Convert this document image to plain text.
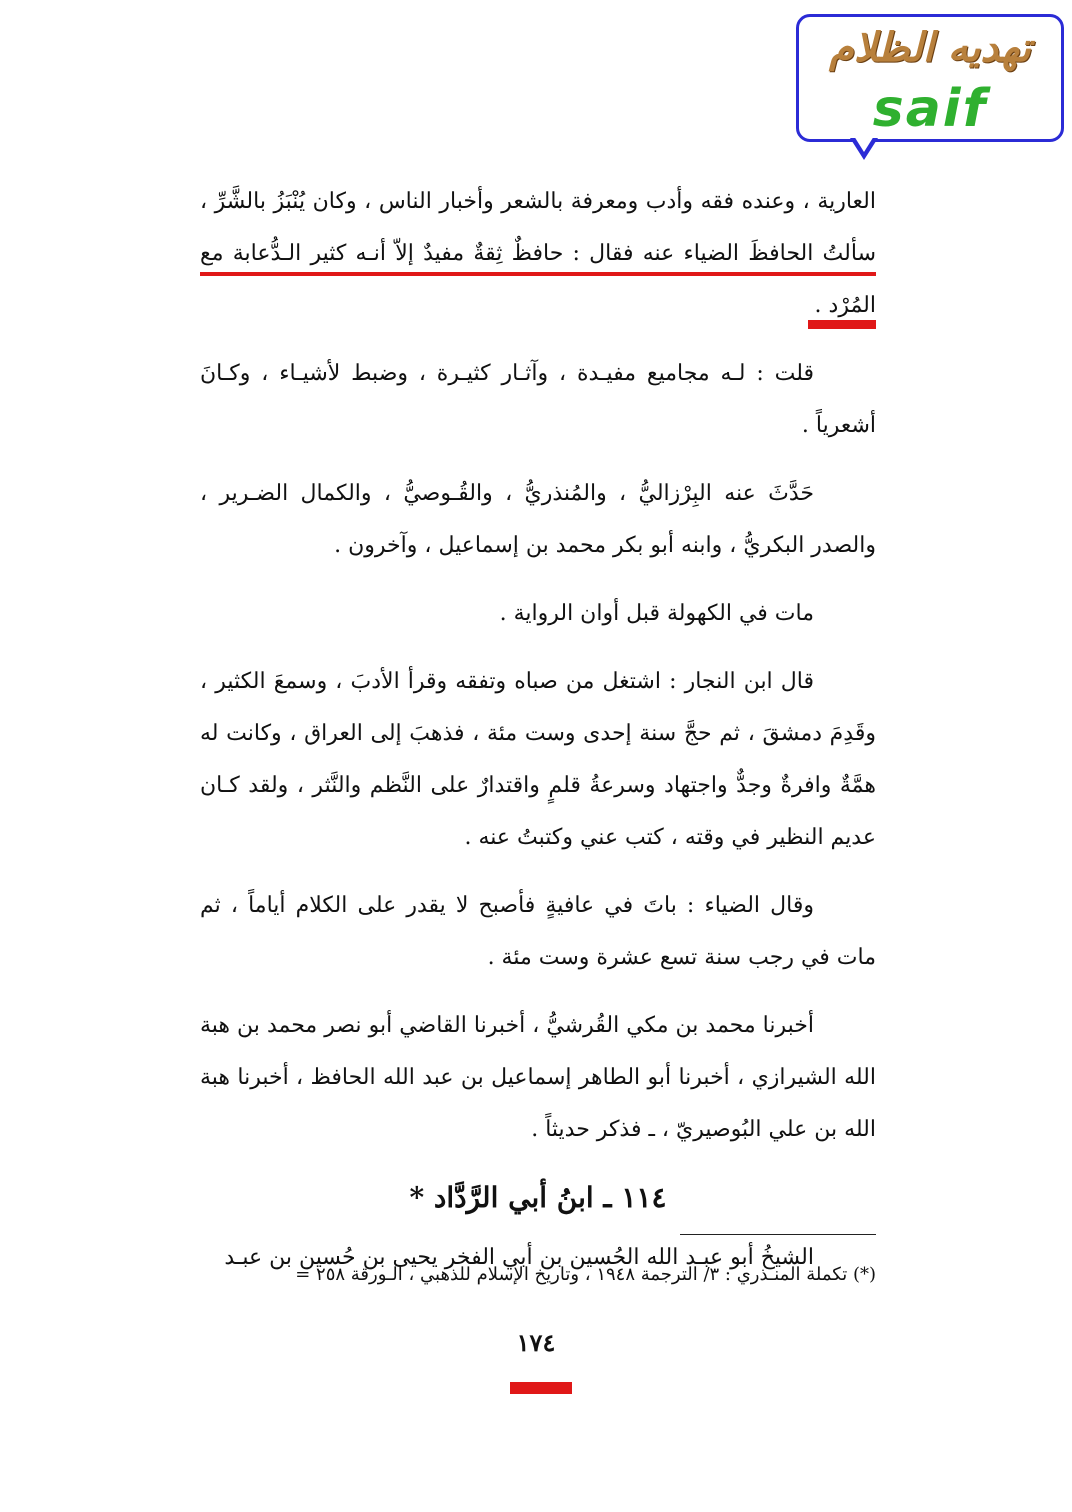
تهديه الظلام
saif
العارية ، وعنده فقه وأدب ومعرفة بالشعر وأخبار الناس ، وكان يُنْبَزُ بالشَّرِّ ، سألتُ الحافظَ الضياء عنه فقال : حافظٌ ثِقةٌ مفيدٌ إلاّ أنـه كثير الـدُّعابة مع المُرْد .
قلت : لـه مجاميع مفيـدة ، وآثـار كثيـرة ، وضبط لأشيـاء ، وكـانَ أشعرياً .
حَدَّثَ عنه البِرْزاليُّ ، والمُنذريُّ ، والقُـوصيُّ ، والكمال الضـرير ، والصدر البكريُّ ، وابنه أبو بكر محمد بن إسماعيل ، وآخرون .
مات في الكهولة قبل أوان الرواية .
قال ابن النجار : اشتغل من صباه وتفقه وقرأ الأدبَ ، وسمعَ الكثير ، وقَدِمَ دمشقَ ، ثم حجَّ سنة إحدى وست مئة ، فذهبَ إلى العراق ، وكانت له همَّةٌ وافرةٌ وجدٌّ واجتهاد وسرعةُ قلمٍ واقتدارٌ على النَّظم والنَّثر ، ولقد كـان عديم النظير في وقته ، كتب عني وكتبتُ عنه .
وقال الضياء : باتَ في عافيةٍ فأصبح لا يقدر على الكلام أياماً ، ثم مات في رجب سنة تسع عشرة وست مئة .
أخبرنا محمد بن مكي القُرشيُّ ، أخبرنا القاضي أبو نصر محمد بن هبة الله الشيرازي ، أخبرنا أبو الطاهر إسماعيل بن عبد الله الحافظ ، أخبرنا هبة الله بن علي البُوصيريّ ، ـ فذكر حديثاً .
١١٤ ـ ابنُ أبي الرَّدَّاد *
الشيخُ أبو عبـد الله الحُسين بن أبي الفخر يحيى بن حُسين بن عبـد
(*) تكملة المنـذري : ٣/ الترجمة ١٩٤٨ ، وتاريخ الإسلام للذهبي ، الـورقة ٢٥٨ =
١٧٤
